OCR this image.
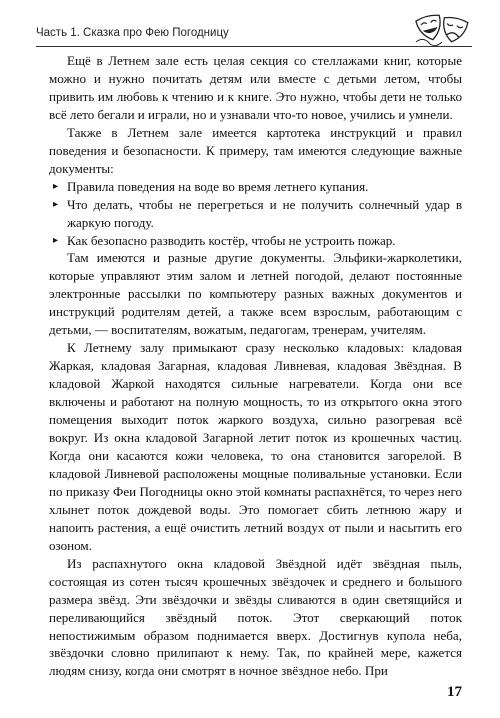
Часть 1. Сказка про Фею Погодницу

Ещё в Летнем зале есть целая секция со стеллажами книг, которые можно и нужно почитать детям или вместе с детьми летом, чтобы привить им любовь к чтению и к книге. Это нужно, чтобы дети не только всё лето бегали и играли, но и узнавали что-то новое, учились и умнели.

Также в Летнем зале имеется картотека инструкций и правил поведения и безопасности. К примеру, там имеются следующие важные документы:

▸ Правила поведения на воде во время летнего купания.
▸ Что делать, чтобы не перегреться и не получить солнечный удар в жаркую погоду.
▸ Как безопасно разводить костёр, чтобы не устроить пожар.

Там имеются и разные другие документы. Эльфики-жарколетики, которые управляют этим залом и летней погодой, делают постоянные электронные рассылки по компьютеру разных важных документов и инструкций родителям детей, а также всем взрослым, работающим с детьми, — воспитателям, вожатым, педагогам, тренерам, учителям.

К Летнему залу примыкают сразу несколько кладовых: кладовая Жаркая, кладовая Загарная, кладовая Ливневая, кладовая Звёздная. В кладовой Жаркой находятся сильные нагреватели. Когда они все включены и работают на полную мощность, то из открытого окна этого помещения выходит поток жаркого воздуха, сильно разогревая всё вокруг. Из окна кладовой Загарной летит поток из крошечных частиц. Когда они касаются кожи человека, то она становится загорелой. В кладовой Ливневой расположены мощные поливальные установки. Если по приказу Феи Погодницы окно этой комнаты распахнётся, то через него хлынет поток дождевой воды. Это помогает сбить летнюю жару и напоить растения, а ещё очистить летний воздух от пыли и насытить его озоном.

Из распахнутого окна кладовой Звёздной идёт звёздная пыль, состоящая из сотен тысяч крошечных звёздочек и среднего и большого размера звёзд. Эти звёздочки и звёзды сливаются в один светящийся и переливающийся звёздный поток. Этот сверкающий поток непостижимым образом поднимается вверх. Достигнув купола неба, звёздочки словно прилипают к нему. Так, по крайней мере, кажется людям снизу, когда они смотрят в ночное звёздное небо. При

17
